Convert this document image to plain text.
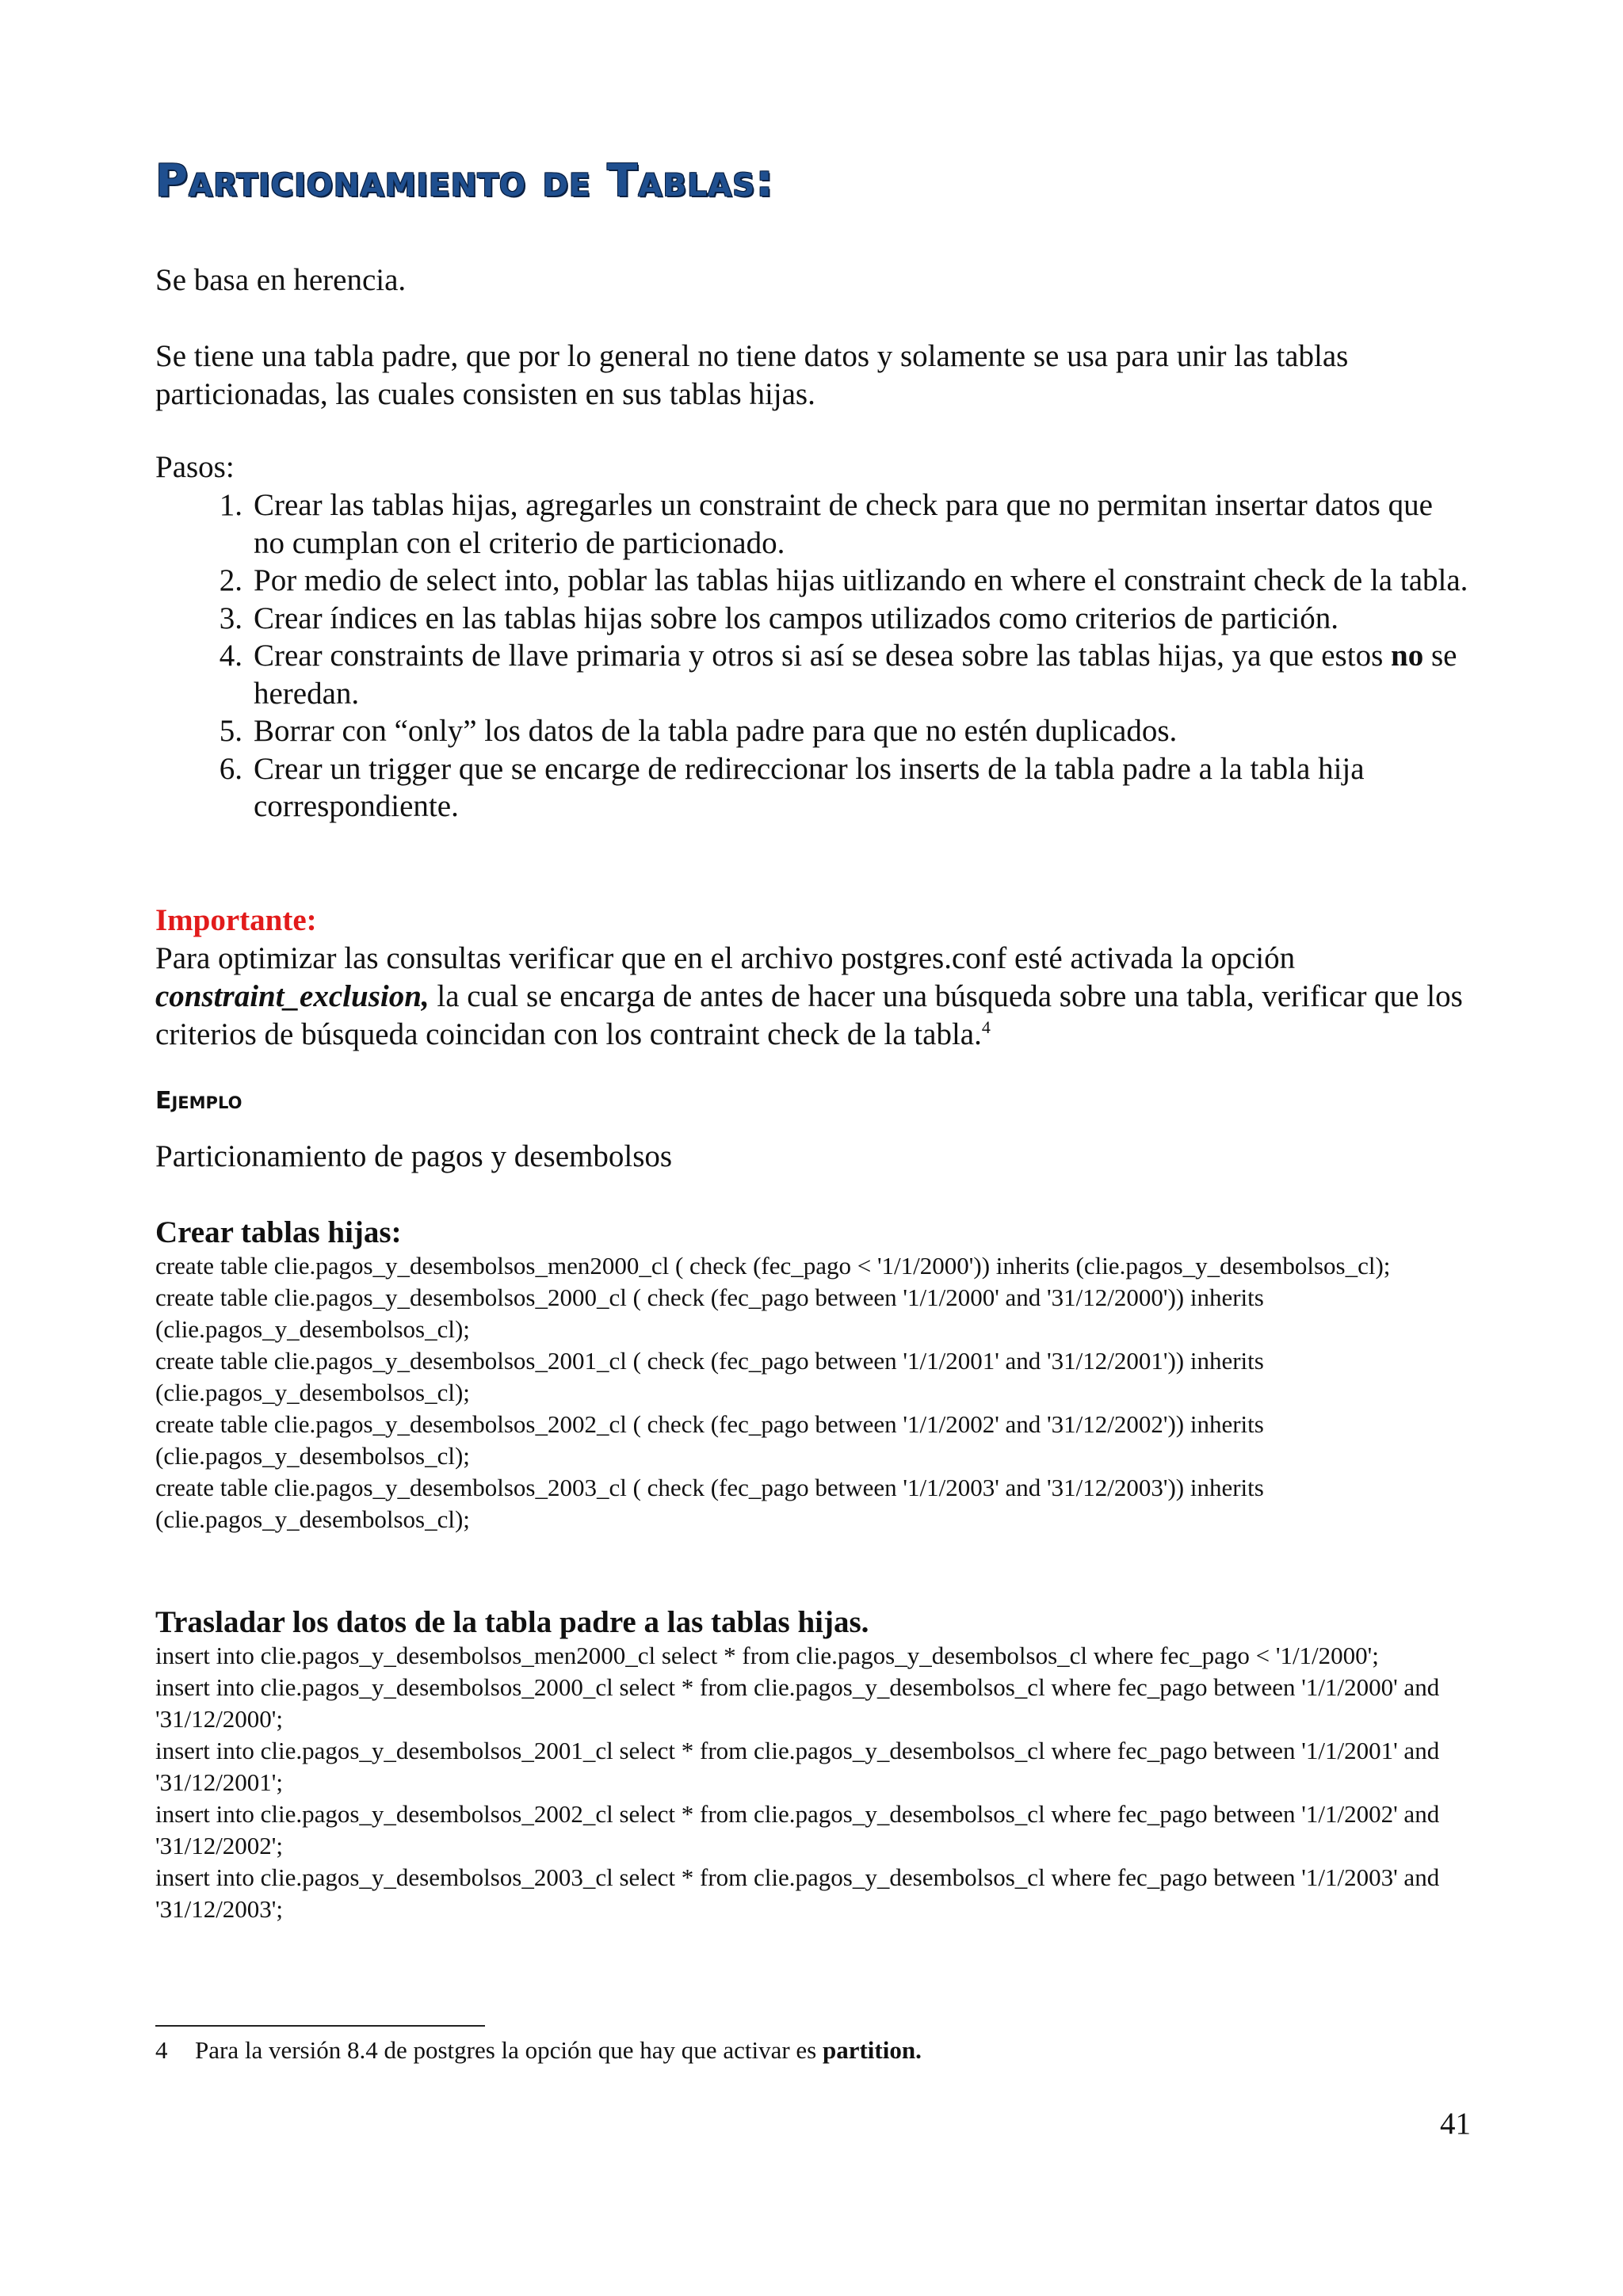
Particionamiento de Tablas:

Se basa en herencia.

Se tiene una tabla padre, que por lo general no tiene datos y solamente se usa para unir las tablas particionadas, las cuales consisten en sus tablas hijas.

Pasos:

1. Crear las tablas hijas, agregarles un constraint de check para que no permitan insertar datos que no cumplan con el criterio de particionado.
2. Por medio de select into, poblar las tablas hijas uitlizando en where el constraint check de la tabla.
3. Crear índices en las tablas hijas sobre los campos utilizados como criterios de partición.
4. Crear constraints de llave primaria y otros si así se desea sobre las tablas hijas, ya que estos no se heredan.
5. Borrar con “only” los datos de la tabla padre para que no estén duplicados.
6. Crear un trigger que se encarge de redireccionar los inserts de la tabla padre a la tabla hija correspondiente.

Importante:

Para optimizar las consultas verificar que en el archivo postgres.conf esté activada la opción constraint_exclusion, la cual se encarga de antes de hacer una búsqueda sobre una tabla, verificar que los criterios de búsqueda coincidan con los contraint check de la tabla.$^4$

Ejemplo

Particionamiento de pagos y desembolsos

Crear tablas hijas:

create table clie.pagos_y_desembolsos_men2000_cl ( check (fec_pago < '1/1/2000')) inherits (clie.pagos_y_desembolsos_cl);

create table clie.pagos_y_desembolsos_2000_cl ( check (fec_pago between '1/1/2000' and '31/12/2000')) inherits (clie.pagos_y_desembolsos_cl);

create table clie.pagos_y_desembolsos_2001_cl ( check (fec_pago between '1/1/2001' and '31/12/2001')) inherits (clie.pagos_y_desembolsos_cl);

create table clie.pagos_y_desembolsos_2002_cl ( check (fec_pago between '1/1/2002' and '31/12/2002')) inherits (clie.pagos_y_desembolsos_cl);

create table clie.pagos_y_desembolsos_2003_cl ( check (fec_pago between '1/1/2003' and '31/12/2003')) inherits (clie.pagos_y_desembolsos_cl);

Trasladar los datos de la tabla padre a las tablas hijas.

insert into clie.pagos_y_desembolsos_men2000_cl select * from clie.pagos_y_desembolsos_cl where fec_pago < '1/1/2000';

insert into clie.pagos_y_desembolsos_2000_cl select * from clie.pagos_y_desembolsos_cl where fec_pago between '1/1/2000' and '31/12/2000';

insert into clie.pagos_y_desembolsos_2001_cl select * from clie.pagos_y_desembolsos_cl where fec_pago between '1/1/2001' and '31/12/2001';

insert into clie.pagos_y_desembolsos_2002_cl select * from clie.pagos_y_desembolsos_cl where fec_pago between '1/1/2002' and '31/12/2002';

insert into clie.pagos_y_desembolsos_2003_cl select * from clie.pagos_y_desembolsos_cl where fec_pago between '1/1/2003' and '31/12/2003';

4 Para la versión 8.4 de postgres la opción que hay que activar es partition.

41
